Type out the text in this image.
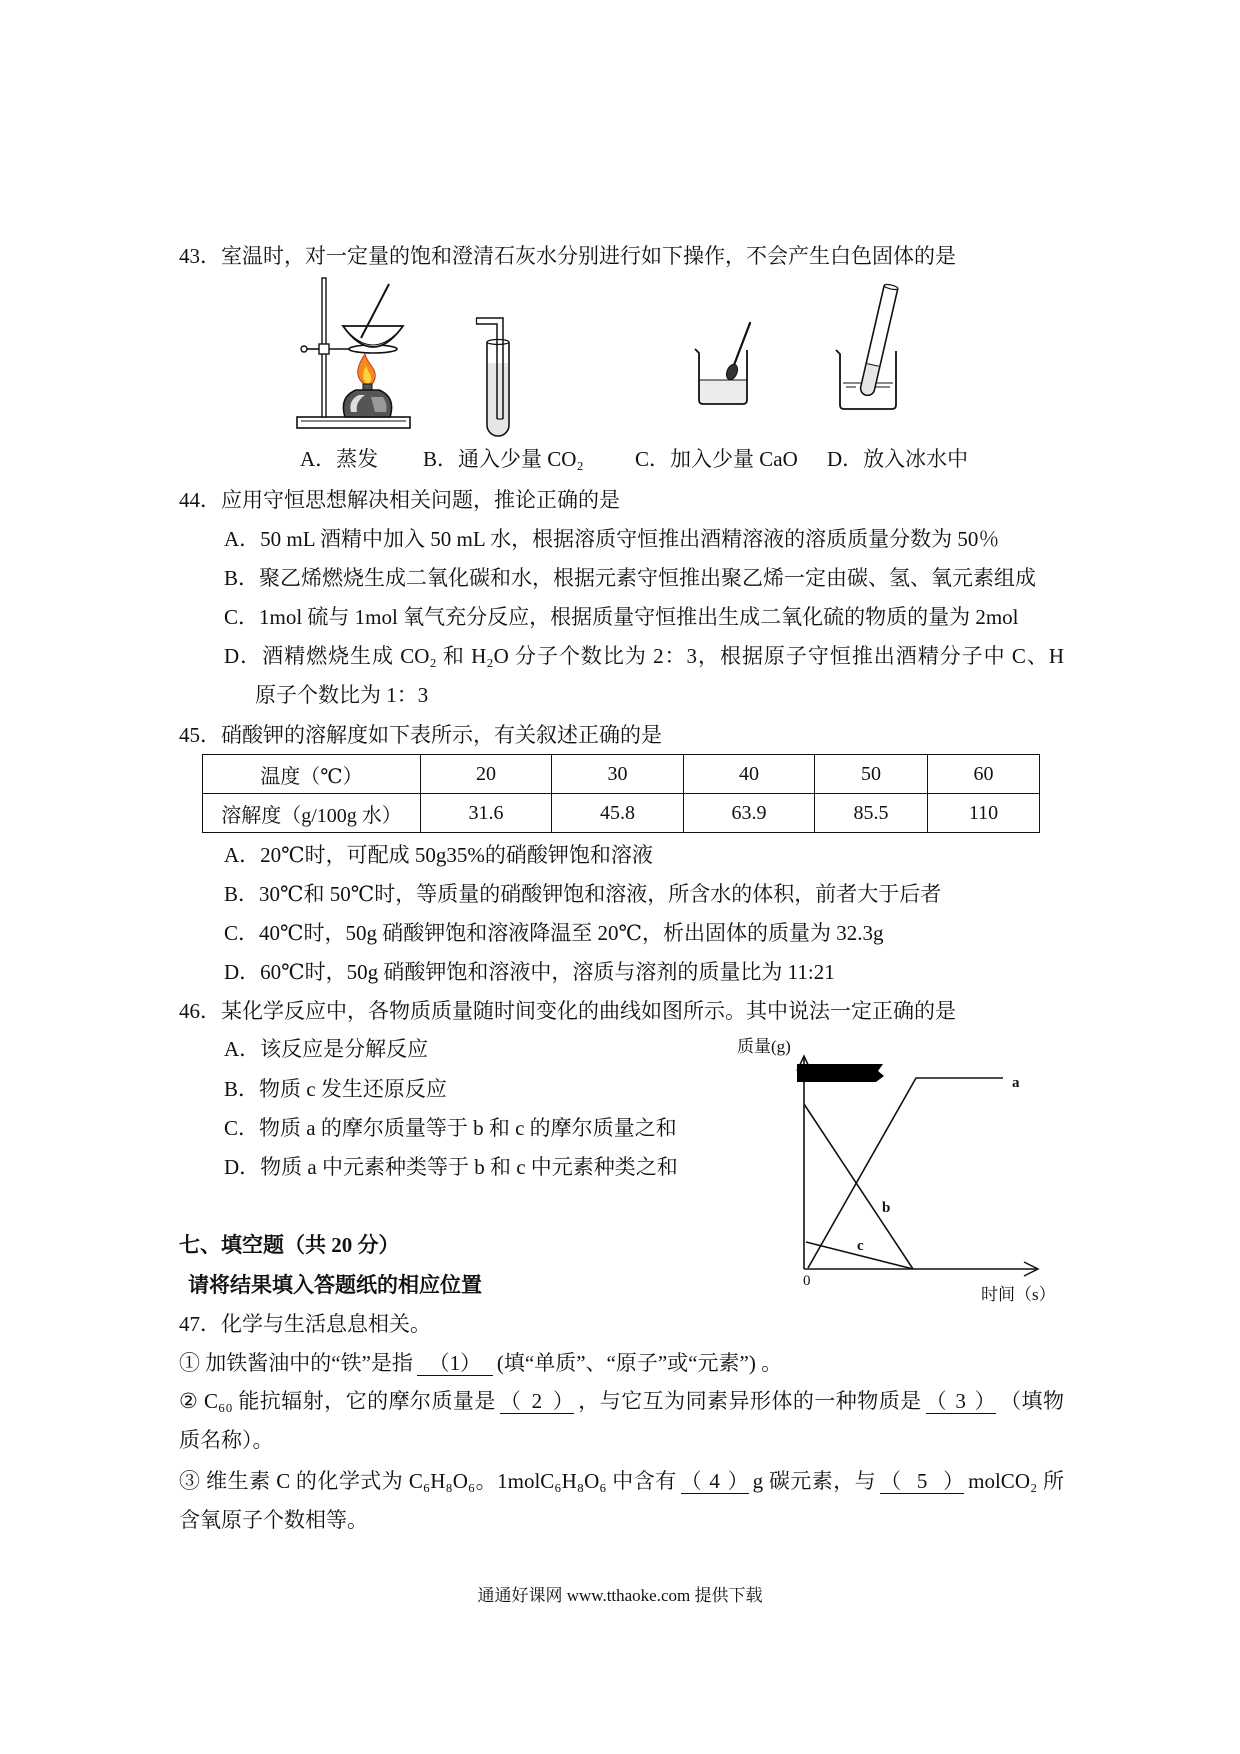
43．室温时，对一定量的饱和澄清石灰水分别进行如下操作，不会产生白色固体的是
A．蒸发 B．通入少量 CO₂ C．加入少量 CaO D．放入冰水中
44．应用守恒思想解决相关问题，推论正确的是
A．50 mL 酒精中加入 50 mL 水，根据溶质守恒推出酒精溶液的溶质质量分数为 50％
B．聚乙烯燃烧生成二氧化碳和水，根据元素守恒推出聚乙烯一定由碳、氢、氧元素组成
C．1mol 硫与 1mol 氧气充分反应，根据质量守恒推出生成二氧化硫的物质的量为 2mol
D．酒精燃烧生成 CO₂ 和 H₂O 分子个数比为 2：3，根据原子守恒推出酒精分子中 C、H
原子个数比为 1：3
45．硝酸钾的溶解度如下表所示，有关叙述正确的是
温度（℃）	20	30	40	50	60
溶解度（g/100g 水）	31.6	45.8	63.9	85.5	110
A．20℃时，可配成 50g35%的硝酸钾饱和溶液
B．30℃和 50℃时，等质量的硝酸钾饱和溶液，所含水的体积，前者大于后者
C．40℃时，50g 硝酸钾饱和溶液降温至 20℃，析出固体的质量为 32.3g
D．60℃时，50g 硝酸钾饱和溶液中，溶质与溶剂的质量比为 11:21
46．某化学反应中，各物质质量随时间变化的曲线如图所示。其中说法一定正确的是
A．该反应是分解反应
B．物质 c 发生还原反应
C．物质 a 的摩尔质量等于 b 和 c 的摩尔质量之和
D．物质 a 中元素种类等于 b 和 c 中元素种类之和
质量(g)
a
b
c
0
时间（s）
七、填空题（共 20 分）
请将结果填入答题纸的相应位置
47．化学与生活息息相关。
① 加铁酱油中的“铁”是指 （1） (填“单质”、“原子”或“元素”) 。
② C₆₀ 能抗辐射，它的摩尔质量是 （2） ，与它互为同素异形体的一种物质是 （3） （填物
质名称）。
③ 维生素 C 的化学式为 C₆H₈O₆。1molC₆H₈O₆ 中含有 （4） g 碳元素，与 （5） molCO₂ 所
含氧原子个数相等。
通通好课网 www.tthaoke.com 提供下载
